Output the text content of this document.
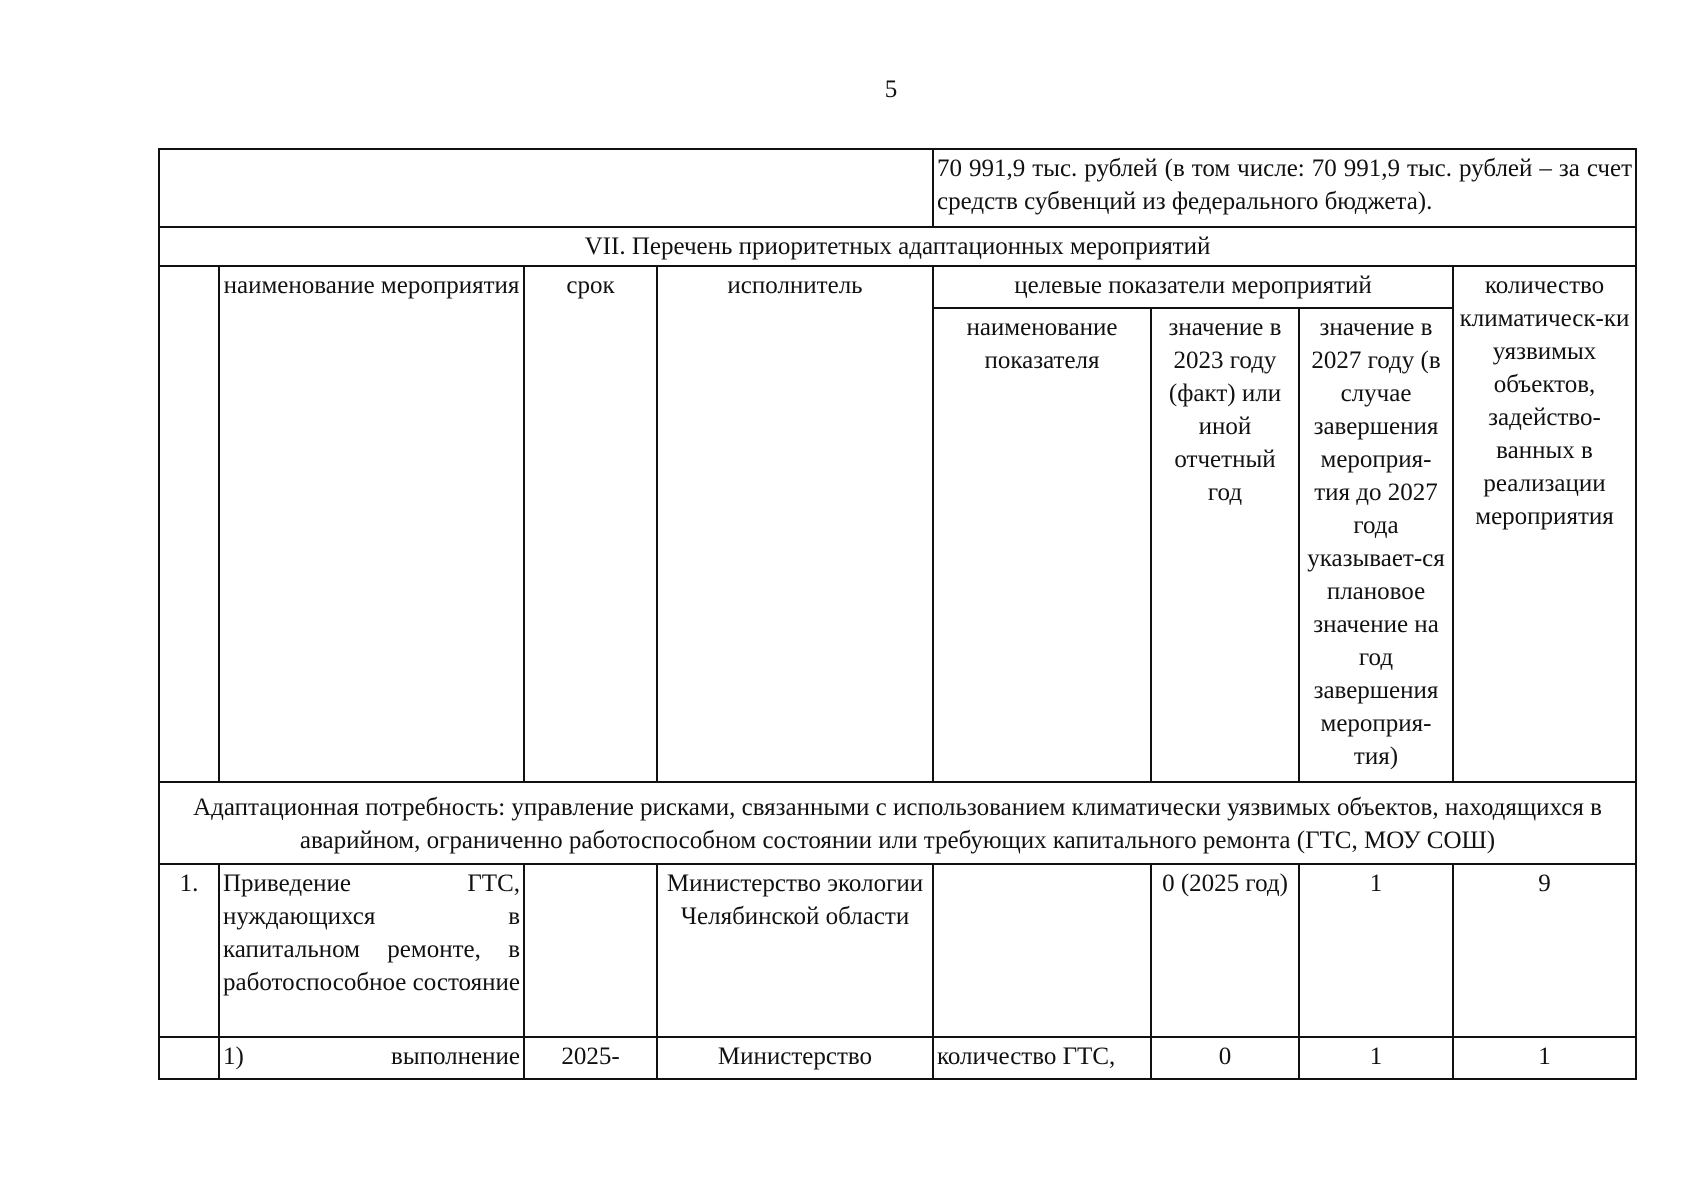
5
				70 991,9 тыс. рублей (в том числе: 70 991,9 тыс. рублей – за счет средств субвенций из федерального бюджета).			
VII. Перечень приоритетных адаптационных мероприятий							
	наименование мероприятия	срок	исполнитель	целевые показатели мероприятий			количество климатическ-ки уязвимых объектов, задейство-ванных в реализации мероприятия
				наименование показателя	значение в 2023 году (факт) или иной отчетный год	значение в 2027 году (в случае завершения мероприя-тия до 2027 года указывает-ся плановое значение на год завершения мероприя-тия)	
Адаптационная потребность: управление рисками, связанными с использованием климатически уязвимых объектов, находящихся в аварийном, ограниченно работоспособном состоянии или требующих капитального ремонта (ГТС, МОУ СОШ)							
1.	Приведение ГТС, нуждающихся в капитальном ремонте, в работоспособное состояние		Министерство экологии Челябинской области		0 (2025 год)	1	9

	1) выполнение	2025-	Министерство	количество ГТС,	0	1	1
